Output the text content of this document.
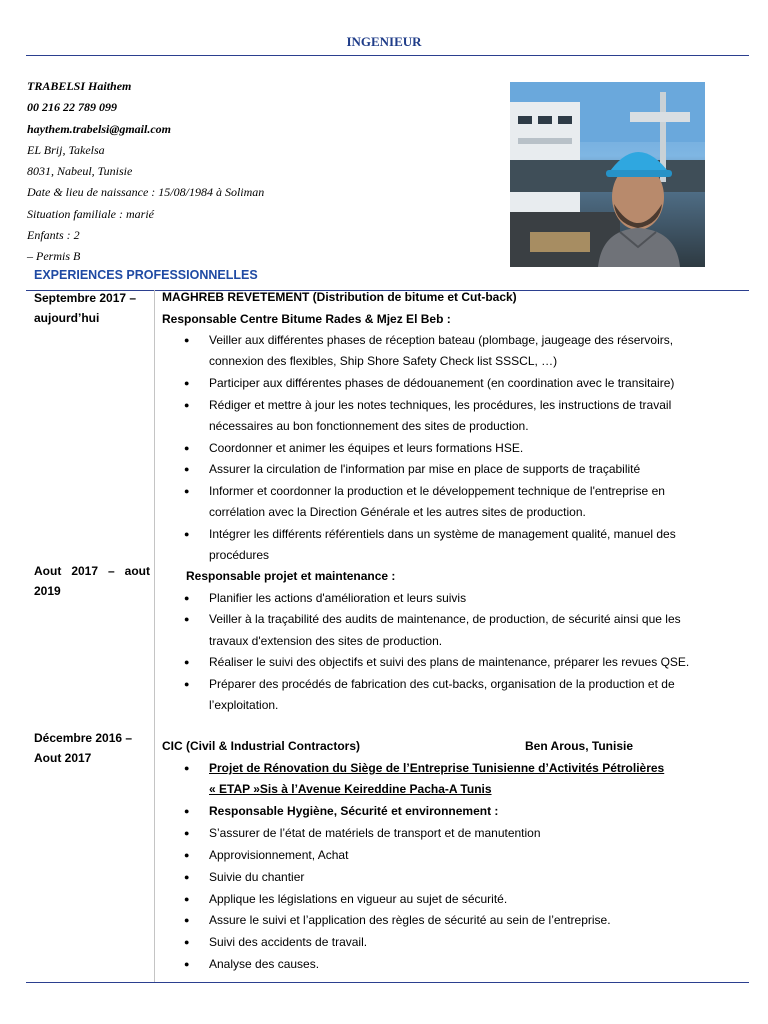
INGENIEUR
TRABELSI Haithem
00 216 22 789 099
haythem.trabelsi@gmail.com
EL Brij, Takelsa
8031, Nabeul, Tunisie
Date & lieu de naissance : 15/08/1984 à Soliman
Situation familiale : marié
Enfants : 2
– Permis B
EXPERIENCES PROFESSIONNELLES
Septembre 2017 –
aujourd’hui
MAGHREB REVETEMENT (Distribution de bitume et Cut-back)
Responsable Centre Bitume Rades & Mjez El Beb :
● Veiller aux différentes phases de réception bateau (plombage, jaugeage des réservoirs,
connexion des flexibles, Ship Shore Safety Check list SSSCL, …)
● Participer aux différentes phases de dédouanement (en coordination avec le transitaire)
● Rédiger et mettre à jour les notes techniques, les procédures, les instructions de travail
nécessaires au bon fonctionnement des sites de production.
● Coordonner et animer les équipes et leurs formations HSE.
● Assurer la circulation de l'information par mise en place de supports de traçabilité
● Informer et coordonner la production et le développement technique de l'entreprise en
corrélation avec la Direction Générale et les autres sites de production.
● Intégrer les différents référentiels dans un système de management qualité, manuel des
procédures
Aout 2017 – aout
2019
Responsable projet et maintenance :
● Planifier les actions d'amélioration et leurs suivis
● Veiller à la traçabilité des audits de maintenance, de production, de sécurité ainsi que les
travaux d'extension des sites de production.
● Réaliser le suivi des objectifs et suivi des plans de maintenance, préparer les revues QSE.
● Préparer des procédés de fabrication des cut-backs, organisation de la production et de
l’exploitation.
Décembre 2016 –
Aout 2017
CIC (Civil & Industrial Contractors)	Ben Arous, Tunisie
● Projet de Rénovation du Siège de l’Entreprise Tunisienne d’Activités Pétrolières
« ETAP »Sis à l’Avenue Keireddine Pacha-A Tunis
● Responsable Hygiène, Sécurité et environnement :
● S’assurer de l’état de matériels de transport et de manutention
● Approvisionnement, Achat
● Suivie du chantier
● Applique les législations en vigueur au sujet de sécurité.
● Assure le suivi et l’application des règles de sécurité au sein de l’entreprise.
● Suivi des accidents de travail.
● Analyse des causes.
